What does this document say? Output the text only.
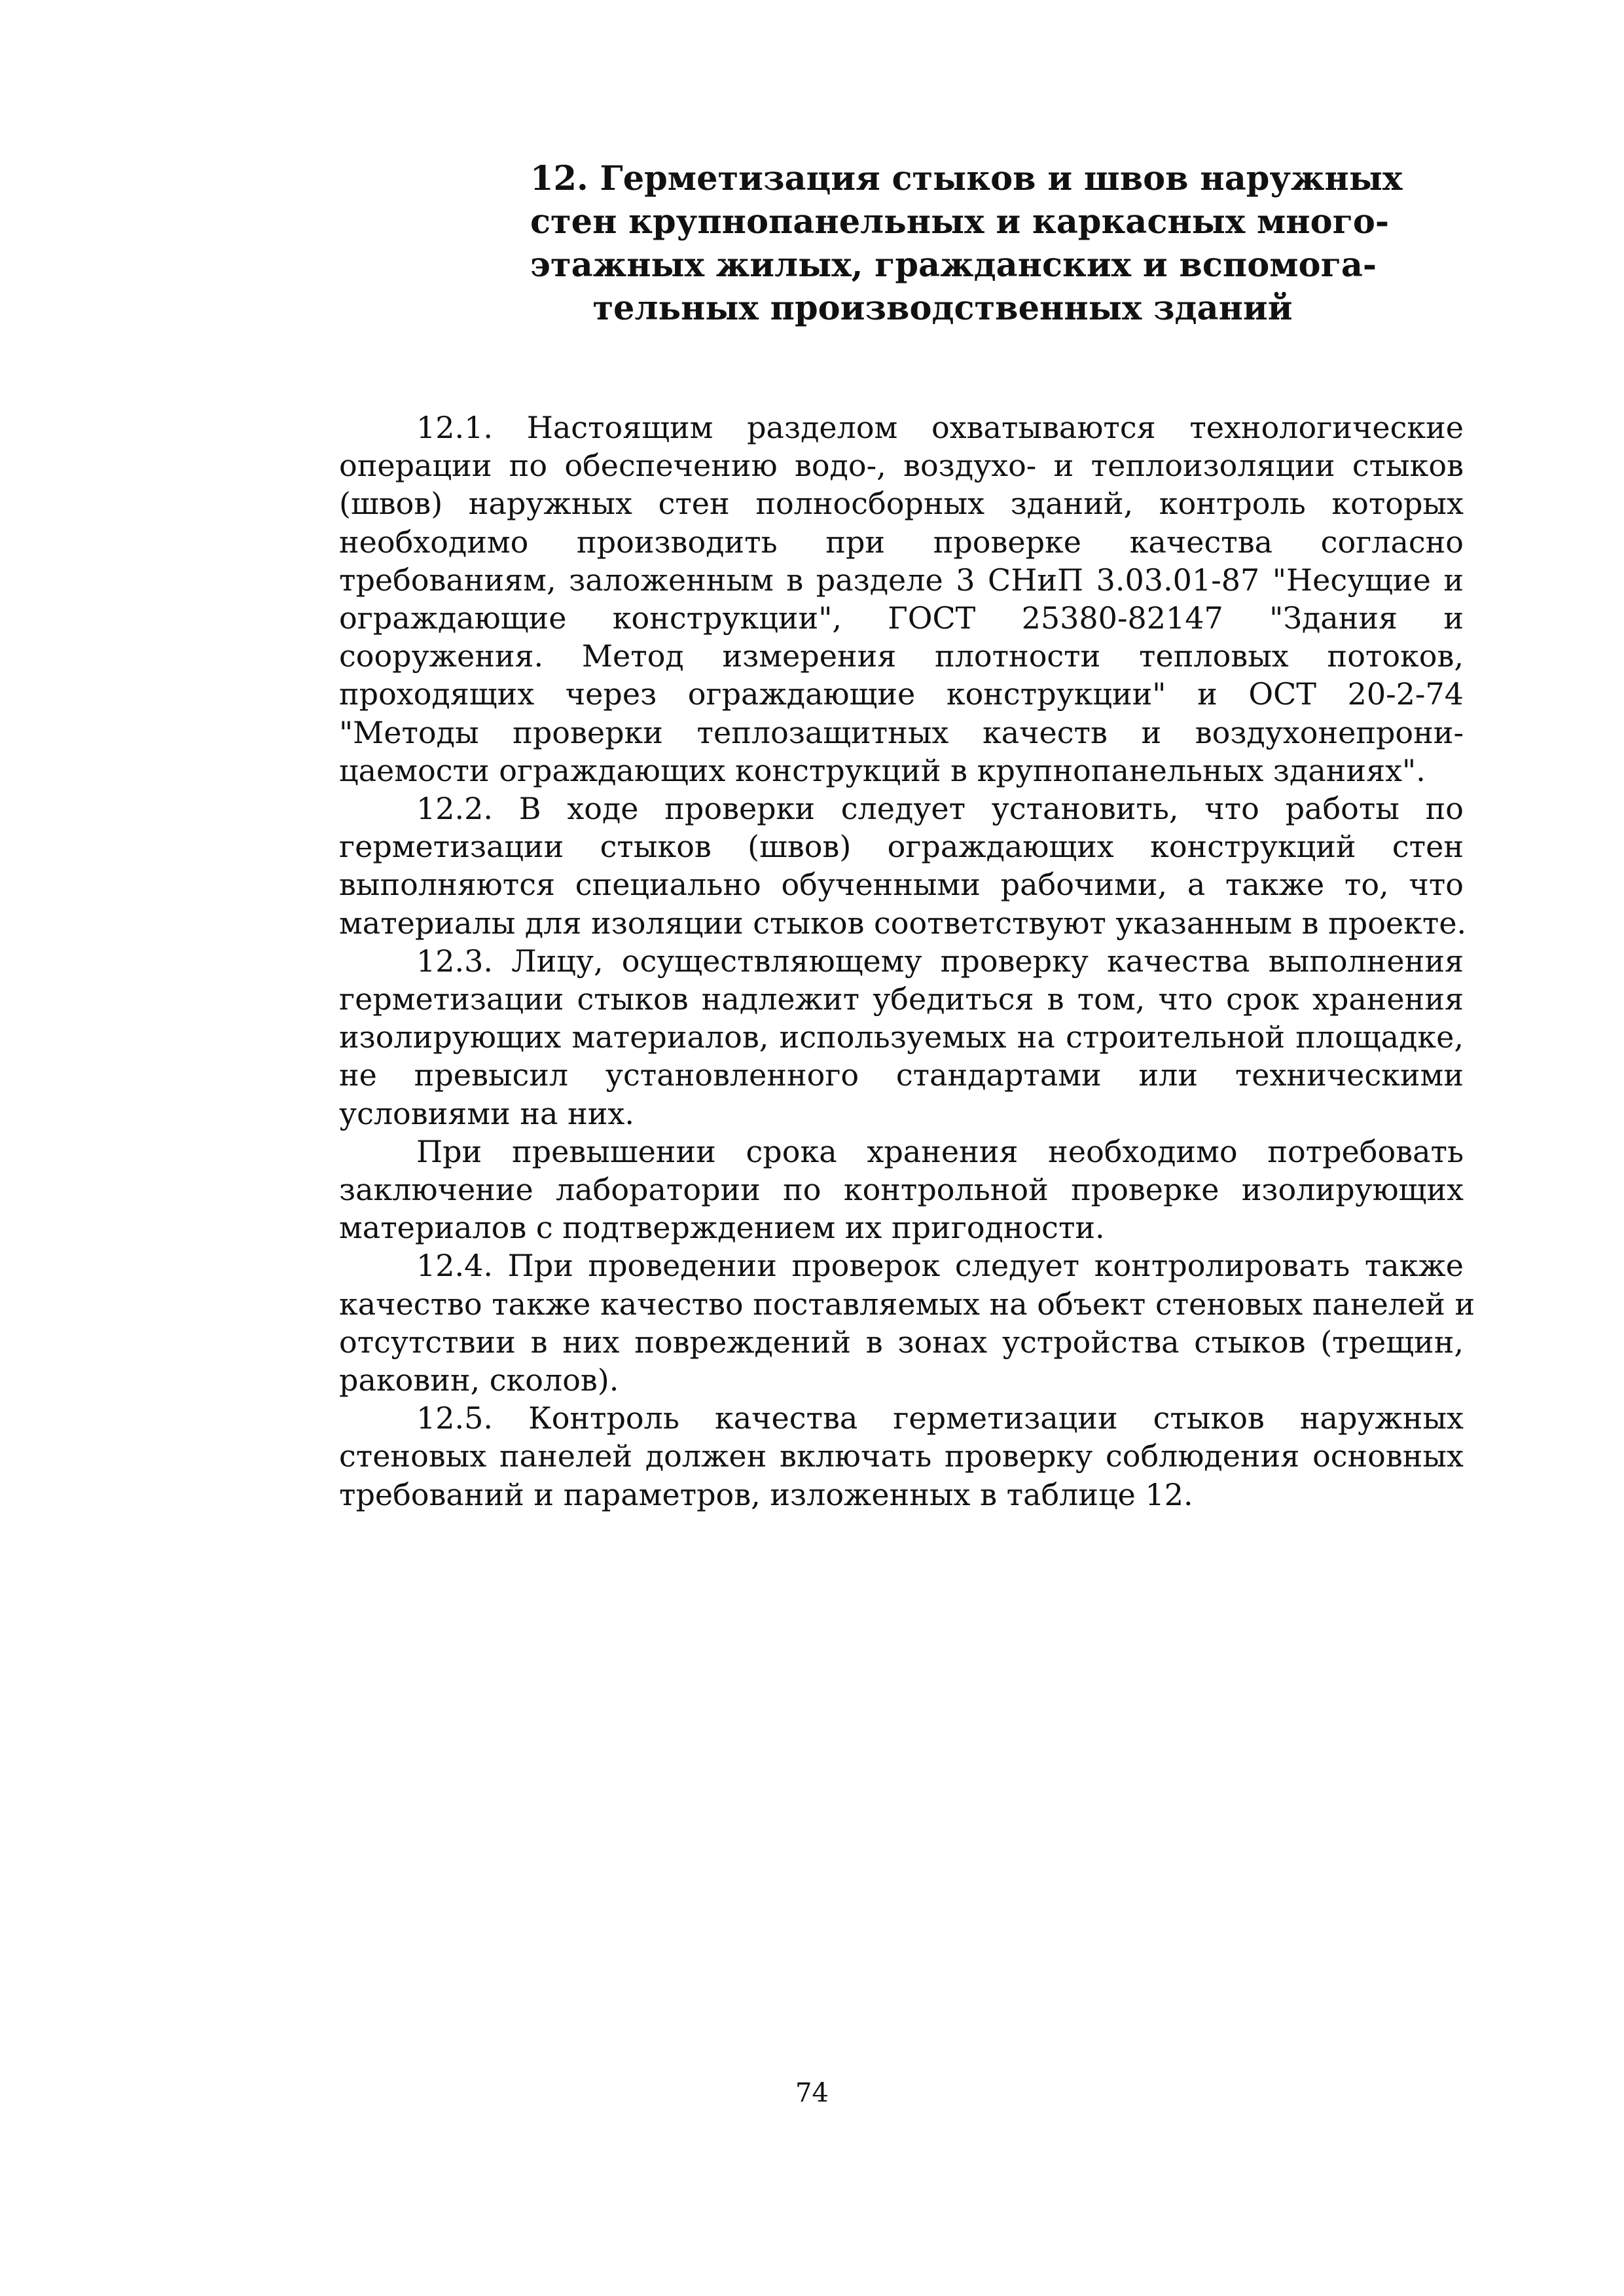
12. Герметизация стыков и швов наружных
стен крупнопанельных и каркасных много-
этажных жилых, гражданских и вспомога-
тельных производственных зданий
12.1. Настоящим разделом охватываются технологические
операции по обеспечению водо-, воздухо- и теплоизоляции стыков
(швов) наружных стен полносборных зданий, контроль которых
необходимо производить при проверке качества согласно
требованиям, заложенным в разделе 3 СНиП 3.03.01-87 "Несущие и
ограждающие конструкции", ГОСТ 25380-82147 "Здания и
сооружения. Метод измерения плотности тепловых потоков,
проходящих через ограждающие конструкции" и ОСТ 20-2-74
"Методы проверки теплозащитных качеств и воздухонепрони-
цаемости ограждающих конструкций в крупнопанельных зданиях".
12.2. В ходе проверки следует установить, что работы по
герметизации стыков (швов) ограждающих конструкций стен
выполняются специально обученными рабочими, а также то, что
материалы для изоляции стыков соответствуют указанным в проекте.
12.3. Лицу, осуществляющему проверку качества выполнения
герметизации стыков надлежит убедиться в том, что срок хранения
изолирующих материалов, используемых на строительной площадке,
не превысил установленного стандартами или техническими
условиями на них.
При превышении срока хранения необходимо потребовать
заключение лаборатории по контрольной проверке изолирующих
материалов с подтверждением их пригодности.
12.4. При проведении проверок следует контролировать также
качество также качество поставляемых на объект стеновых панелей и
отсутствии в них повреждений в зонах устройства стыков (трещин,
раковин, сколов).
12.5. Контроль качества герметизации стыков наружных
стеновых панелей должен включать проверку соблюдения основных
требований и параметров, изложенных в таблице 12.
74
